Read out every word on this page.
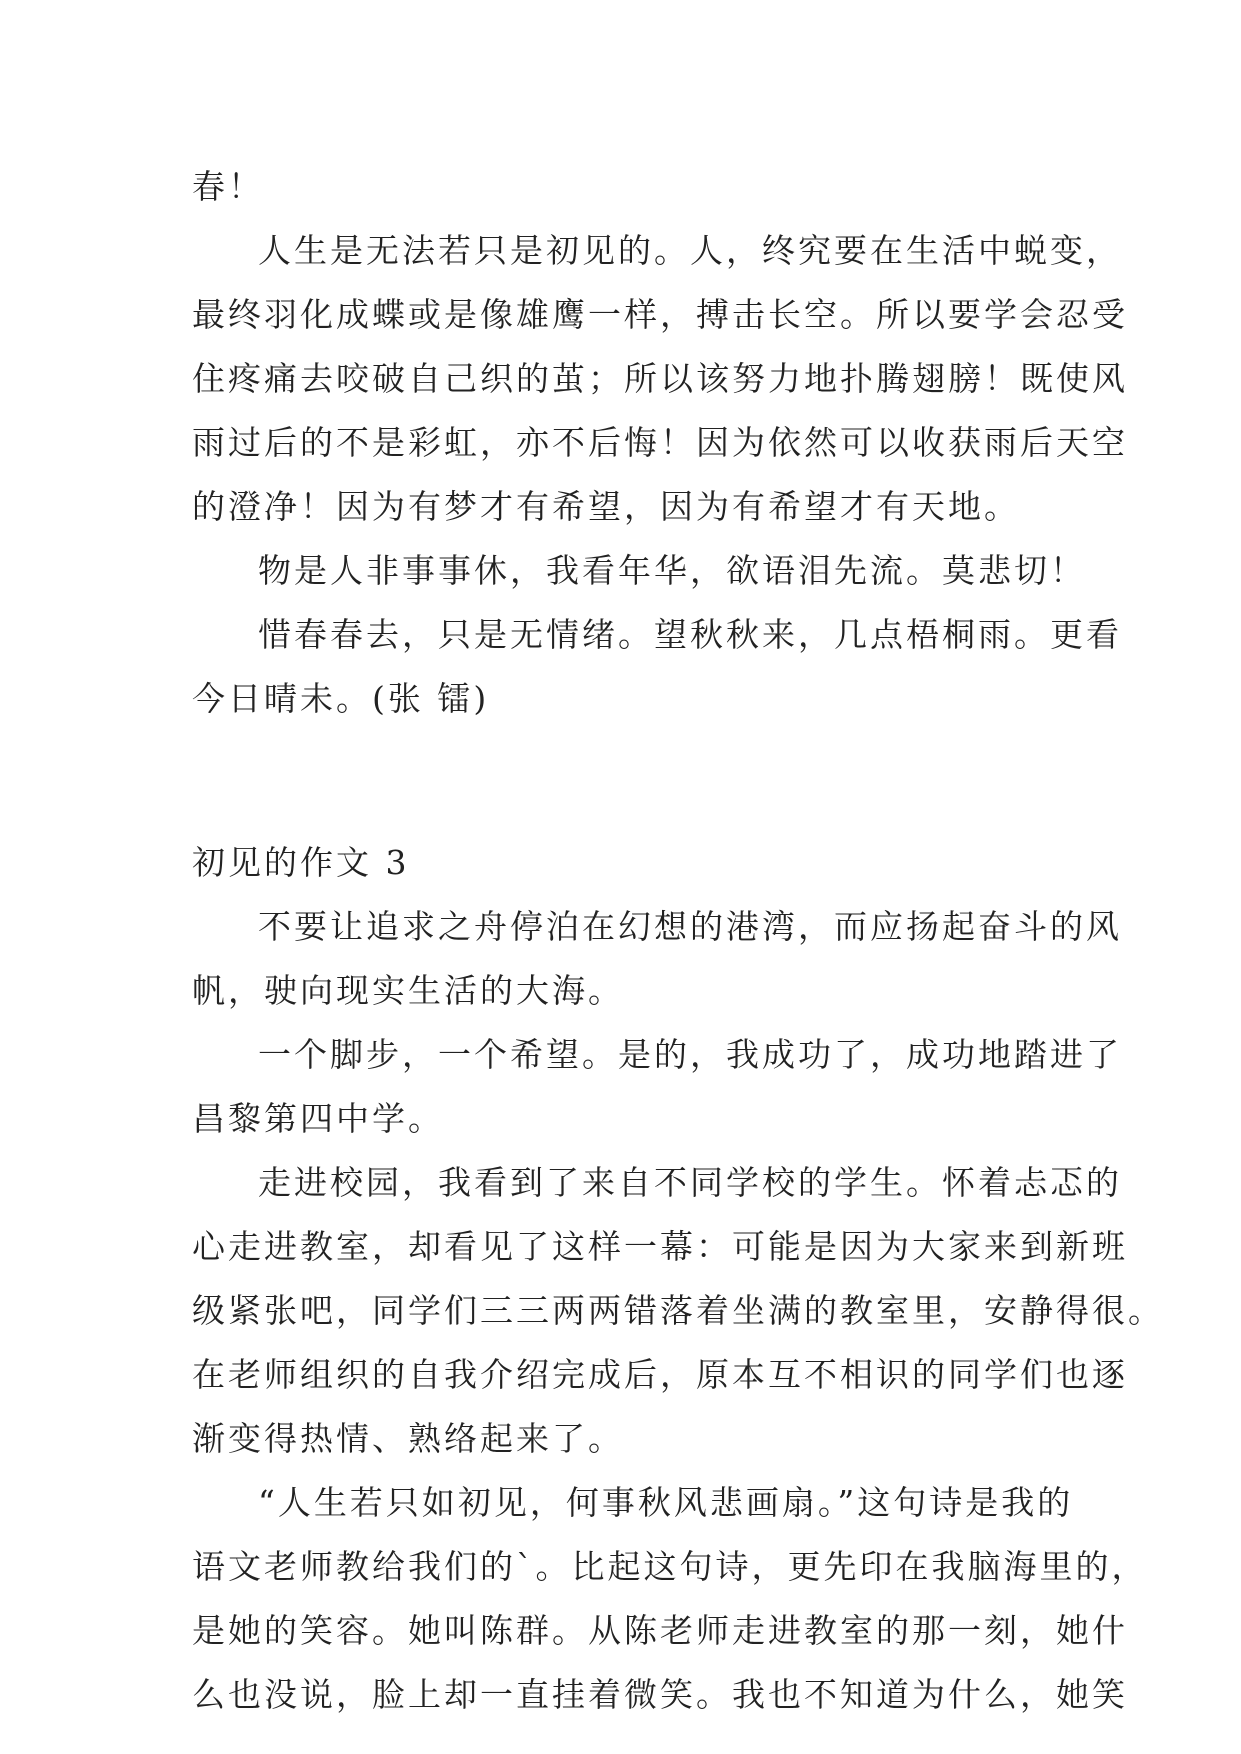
春！
人生是无法若只是初见的。人，终究要在生活中蜕变，
最终羽化成蝶或是像雄鹰一样，搏击长空。所以要学会忍受
住疼痛去咬破自己织的茧；所以该努力地扑腾翅膀！既使风
雨过后的不是彩虹，亦不后悔！因为依然可以收获雨后天空
的澄净！因为有梦才有希望，因为有希望才有天地。
物是人非事事休，我看年华，欲语泪先流。莫悲切！
惜春春去，只是无情绪。望秋秋来，几点梧桐雨。更看
今日晴未。(张 镭)
初见的作文 3
不要让追求之舟停泊在幻想的港湾，而应扬起奋斗的风
帆，驶向现实生活的大海。
一个脚步，一个希望。是的，我成功了，成功地踏进了
昌黎第四中学。
走进校园，我看到了来自不同学校的学生。怀着忐忑的
心走进教室，却看见了这样一幕：可能是因为大家来到新班
级紧张吧，同学们三三两两错落着坐满的教室里，安静得很。
在老师组织的自我介绍完成后，原本互不相识的同学们也逐
渐变得热情、熟络起来了。
“人生若只如初见，何事秋风悲画扇。”这句诗是我的
语文老师教给我们的`。比起这句诗，更先印在我脑海里的，
是她的笑容。她叫陈群。从陈老师走进教室的那一刻，她什
么也没说，脸上却一直挂着微笑。我也不知道为什么，她笑
